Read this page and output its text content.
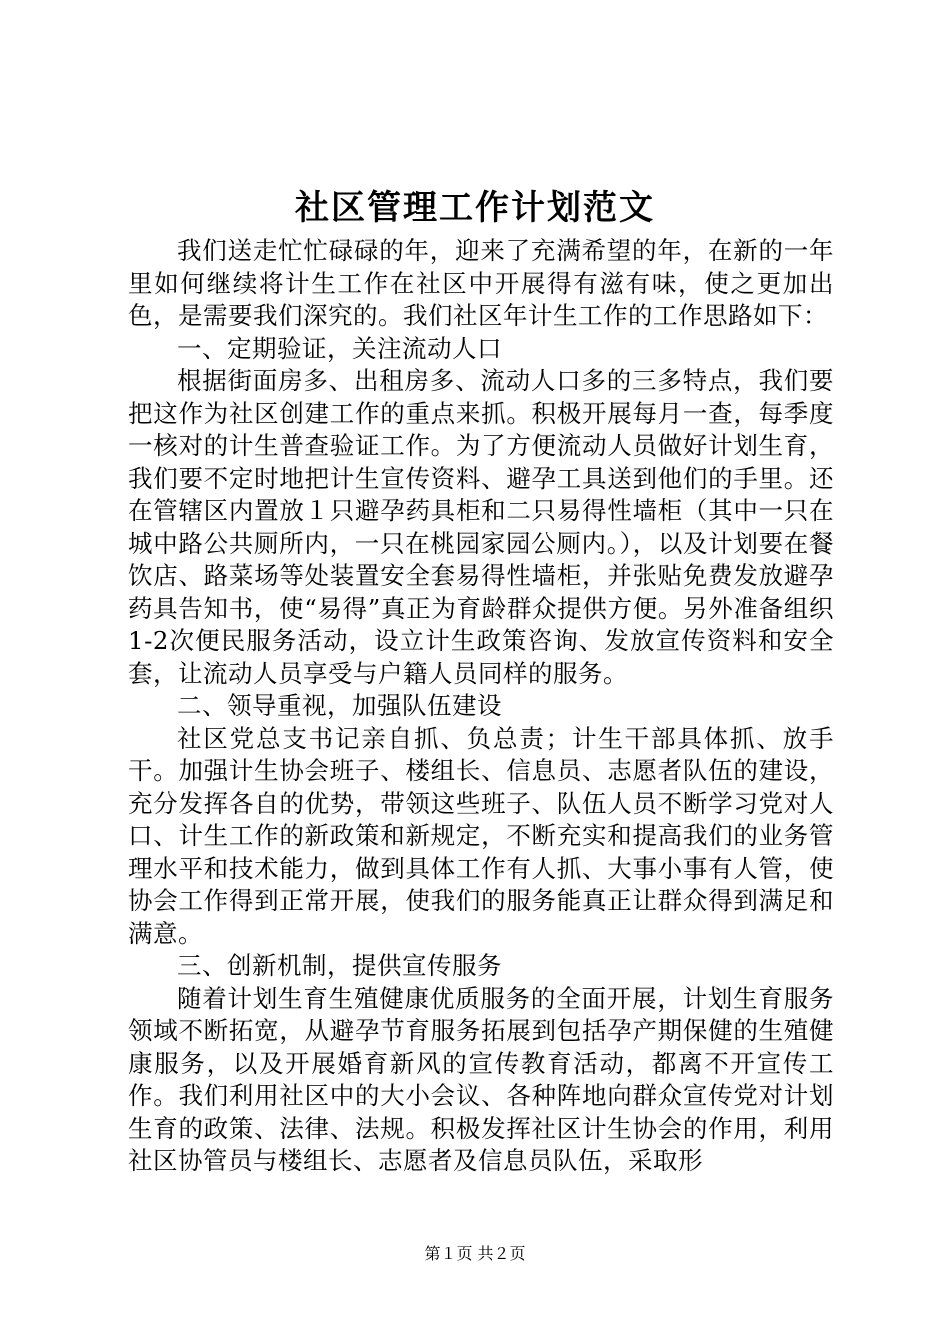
社区管理工作计划范文

我们送走忙忙碌碌的年，迎来了充满希望的年，在新的一年里如何继续将计生工作在社区中开展得有滋有味，使之更加出色，是需要我们深究的。我们社区年计生工作的工作思路如下：

一、定期验证，关注流动人口

根据街面房多、出租房多、流动人口多的三多特点，我们要把这作为社区创建工作的重点来抓。积极开展每月一查，每季度一核对的计生普查验证工作。为了方便流动人员做好计划生育，我们要不定时地把计生宣传资料、避孕工具送到他们的手里。还在管辖区内置放１只避孕药具柜和二只易得性墙柜（其中一只在城中路公共厕所内，一只在桃园家园公厕内。），以及计划要在餐饮店、路菜场等处装置安全套易得性墙柜，并张贴免费发放避孕药具告知书，使“易得”真正为育龄群众提供方便。另外准备组织1-2次便民服务活动，设立计生政策咨询、发放宣传资料和安全套，让流动人员享受与户籍人员同样的服务。

二、领导重视，加强队伍建设

社区党总支书记亲自抓、负总责；计生干部具体抓、放手干。加强计生协会班子、楼组长、信息员、志愿者队伍的建设，充分发挥各自的优势，带领这些班子、队伍人员不断学习党对人口、计生工作的新政策和新规定，不断充实和提高我们的业务管理水平和技术能力，做到具体工作有人抓、大事小事有人管，使协会工作得到正常开展，使我们的服务能真正让群众得到满足和满意。

三、创新机制，提供宣传服务

随着计划生育生殖健康优质服务的全面开展，计划生育服务领域不断拓宽，从避孕节育服务拓展到包括孕产期保健的生殖健康服务，以及开展婚育新风的宣传教育活动，都离不开宣传工作。我们利用社区中的大小会议、各种阵地向群众宣传党对计划生育的政策、法律、法规。积极发挥社区计生协会的作用，利用社区协管员与楼组长、志愿者及信息员队伍，采取形

第１页 共２页
